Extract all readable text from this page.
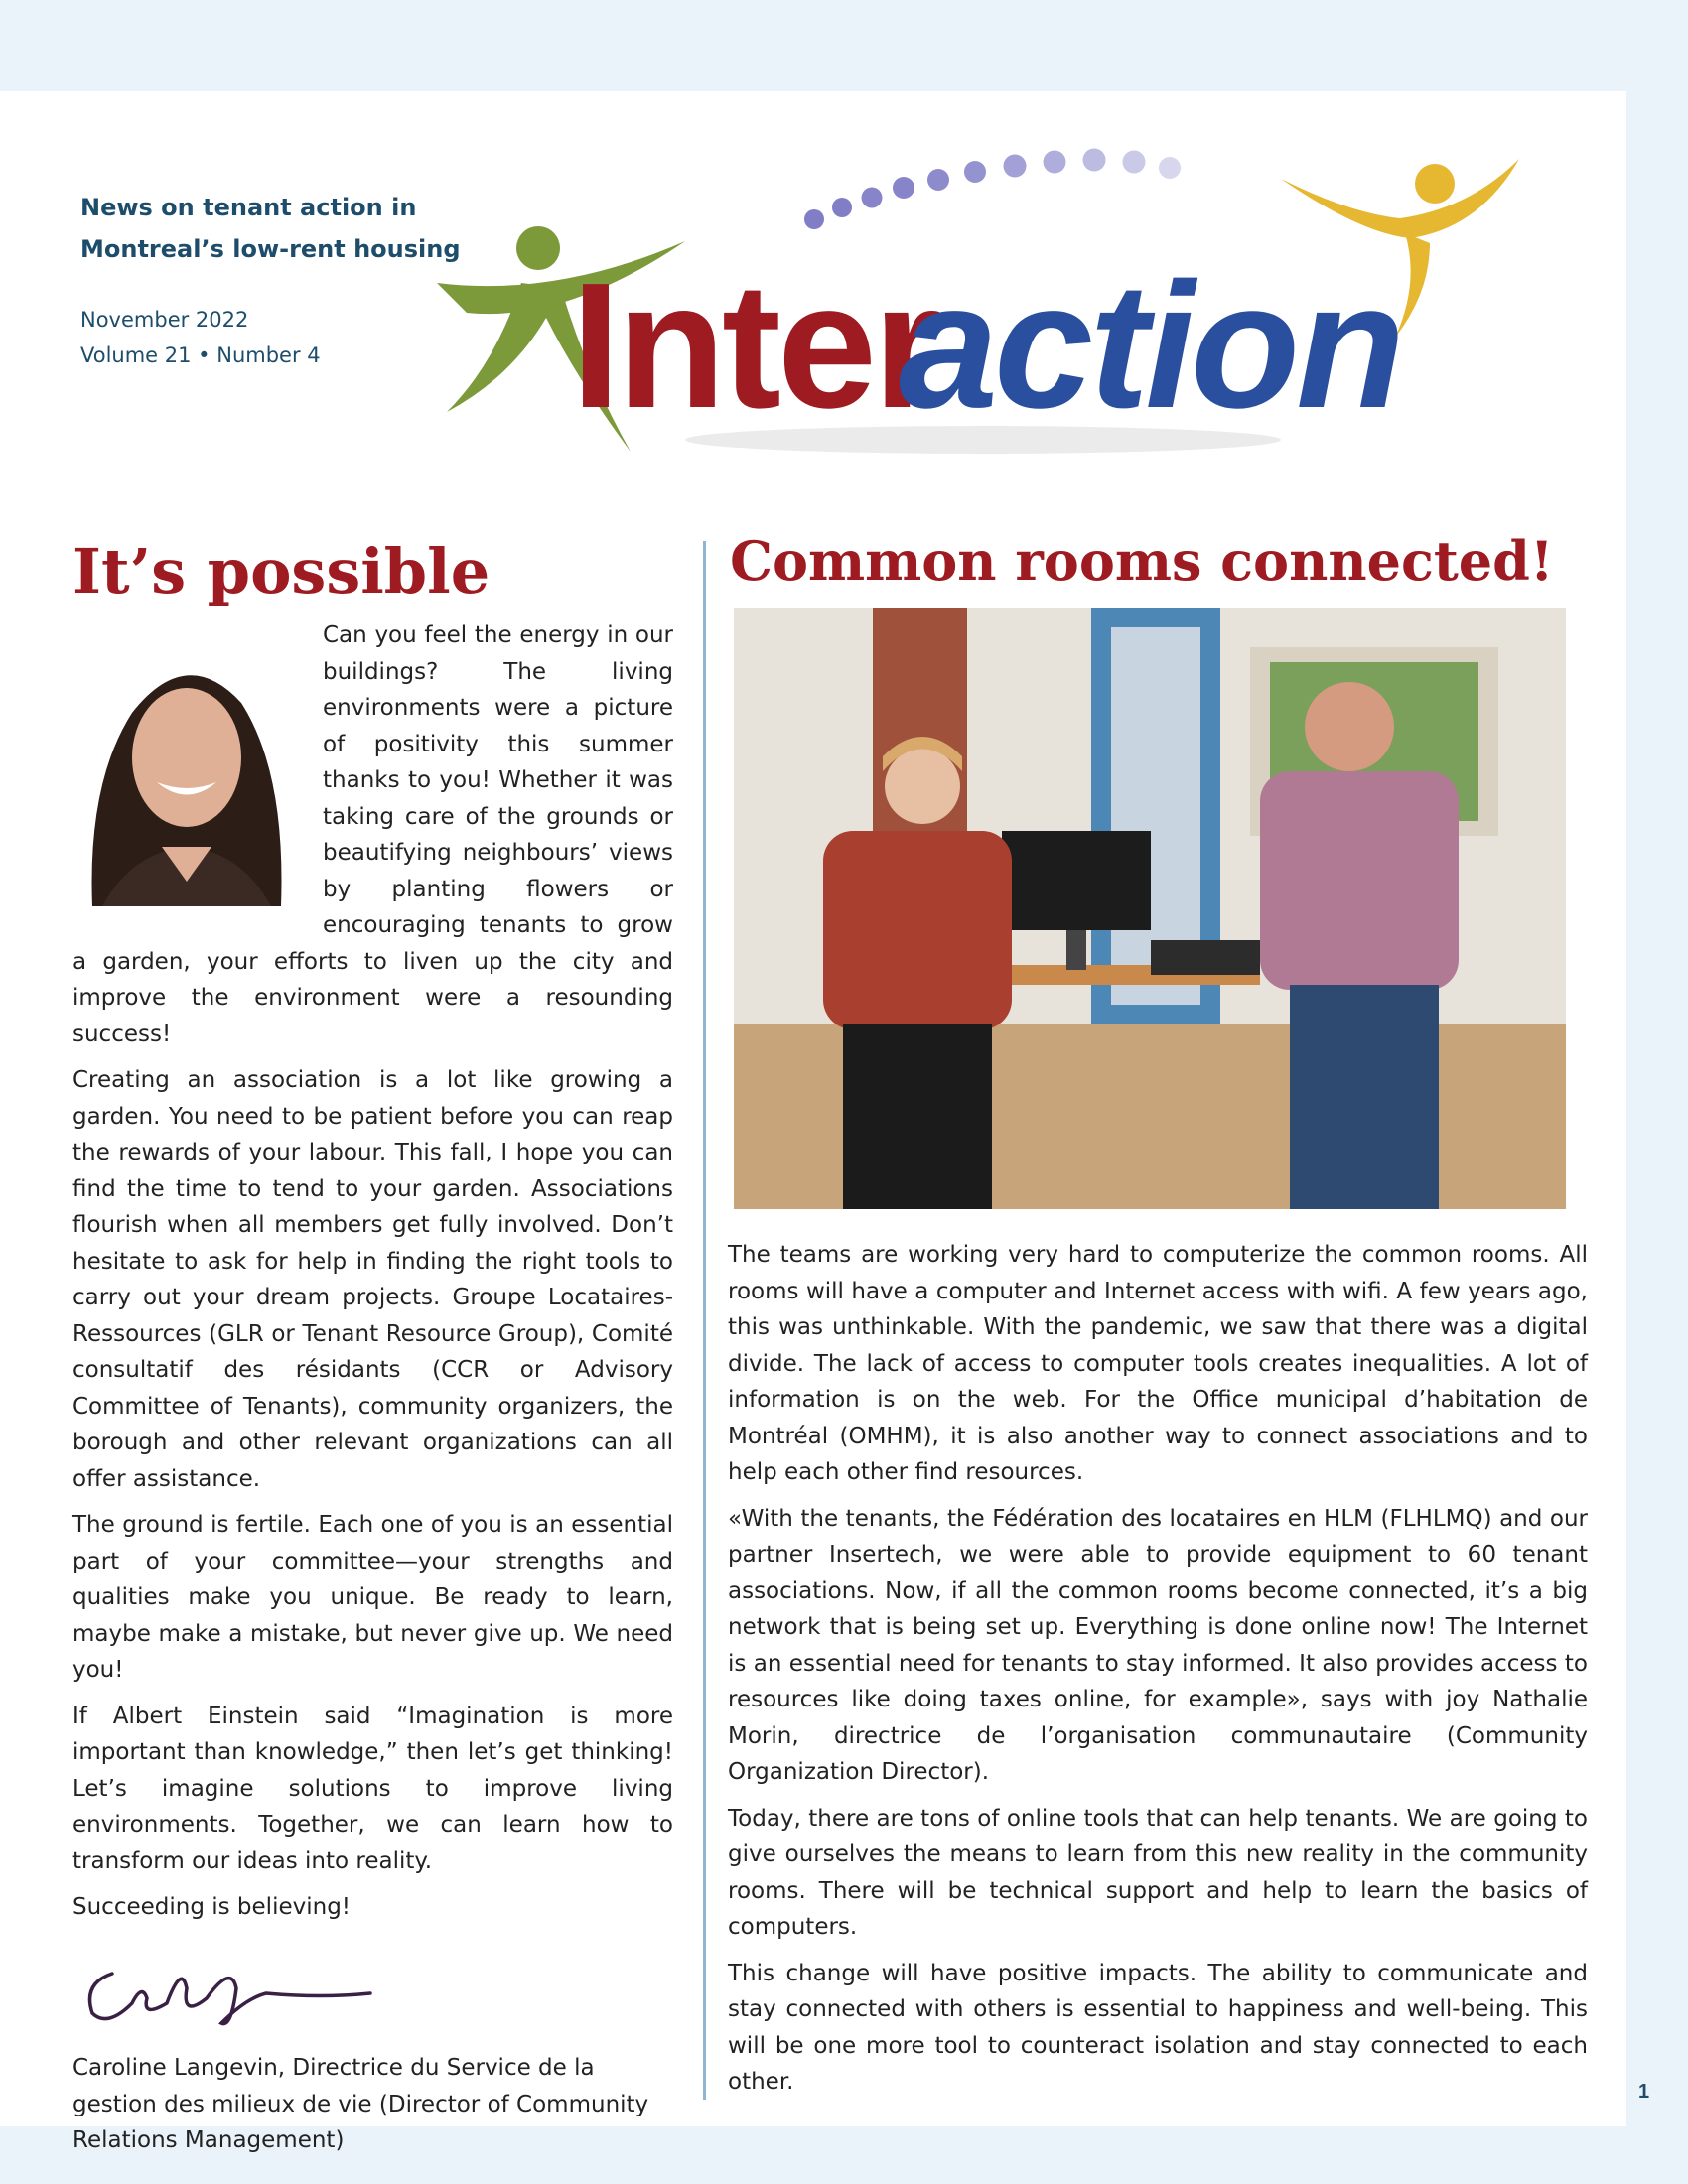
News on tenant action in
Montreal’s low-rent housing
November 2022
Volume 21 • Number 4 Inter
action
It’s possible

Can you feel the energy in our buildings? The living environments were a picture of positivity this summer thanks to you! Whether it was taking care of the grounds or beautifying neighbours’ views by planting flowers or encouraging tenants to grow a garden, your efforts to liven up the city and improve the environment were a resounding success!

Creating an association is a lot like growing a garden. You need to be patient before you can reap the rewards of your labour. This fall, I hope you can find the time to tend to your garden. Associations flourish when all members get fully involved. Don’t hesitate to ask for help in finding the right tools to carry out your dream projects. Groupe Locataires-Ressources (GLR or Tenant Resource Group), Comité consultatif des résidants (CCR or Advisory Committee of Tenants), community organizers, the borough and other relevant organizations can all offer assistance.

The ground is fertile. Each one of you is an essential part of your committee—your strengths and qualities make you unique. Be ready to learn, maybe make a mistake, but never give up. We need you!

If Albert Einstein said “Imagination is more important than knowledge,” then let’s get thinking! Let’s imagine solutions to improve living environments. Together, we can learn how to transform our ideas into reality.

Succeeding is believing!

Caroline Langevin, Directrice du Service de la gestion des milieux de vie (Director of Community Relations Management)

Common rooms connected!

The teams are working very hard to computerize the common rooms. All rooms will have a computer and Internet access with wifi. A few years ago, this was unthinkable. With the pandemic, we saw that there was a digital divide. The lack of access to computer tools creates inequalities. A lot of information is on the web. For the Office municipal d’habitation de Montréal (OMHM), it is also another way to connect associations and to help each other find resources.

«With the tenants, the Fédération des locataires en HLM (FLHLMQ) and our partner Insertech, we were able to provide equipment to 60 tenant associations. Now, if all the common rooms become connected, it’s a big network that is being set up. Everything is done online now! The Internet is an essential need for tenants to stay informed. It also provides access to resources like doing taxes online, for example», says with joy Nathalie Morin, directrice de l’organisation communautaire (Community Organization Director).

Today, there are tons of online tools that can help tenants. We are going to give ourselves the means to learn from this new reality in the community rooms. There will be technical support and help to learn the basics of computers.

This change will have positive impacts. The ability to communicate and stay connected with others is essential to happiness and well-being. This will be one more tool to counteract isolation and stay connected to each other.	1
